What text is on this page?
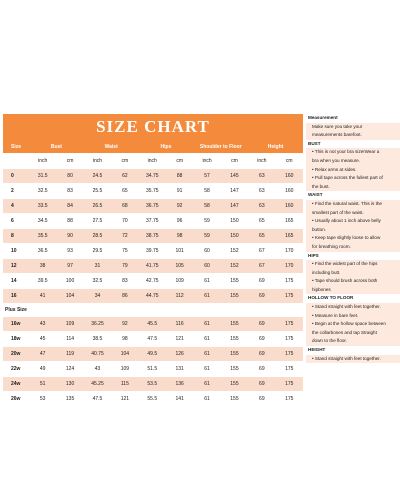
SIZE CHART
Size	Bust		Waist		Hips		Shoulder to Floor		Height	
	inch	cm	inch	cm	inch	cm	inch	cm	inch	cm
0	31.5	80	24.5	62	34.75	88	57	145	63	160
2	32.5	83	25.5	65	35.75	91	58	147	63	160
4	33.5	84	26.5	68	36.75	92	58	147	63	160
6	34.5	88	27.5	70	37.75	96	59	150	65	165
8	35.5	90	28.5	72	38.75	98	59	150	65	165
10	36.5	93	29.5	75	39.75	101	60	152	67	170
12	38	97	31	79	41.75	105	60	152	67	170
14	39.5	100	32.5	83	42.75	109	61	155	69	175
16	41	104	34	86	44.75	112	61	155	69	175
Plus Size										
16w	43	109	36.25	92	45.5	116	61	155	69	175
18w	45	114	38.5	98	47.5	121	61	155	69	175
20w	47	119	40.75	104	49.5	126	61	155	69	175
22w	49	124	43	109	51.5	131	61	155	69	175
24w	51	130	45.25	115	53.5	136	61	155	69	175
26w	53	135	47.5	121	55.5	141	61	155	69	175
Measurement
Make sure you take your
measurements barefoot.
BUST
• This is not your bra size!Wear a
bra when you measure.
• Relax arms at sides.
• Pull tape across the fullest part of
the bust.
WAIST
• Find the natural waist. This is the
smallest part of the waist.
• Usually about 1 inch above belly
button.
• Keep tape slightly loose to allow
for breathing room.
HIPS
• Find the widest part of the hips
including butt.
• Tape should brush across both
hipbones
HOLLOW TO FLOOR
• Stand straight with feet together.
• Measure in bare feet.
• Begin at the hollow space between
the collarbones and tap Straight
down to the floor.
HEIGHT
• Stand straight with feet together.
